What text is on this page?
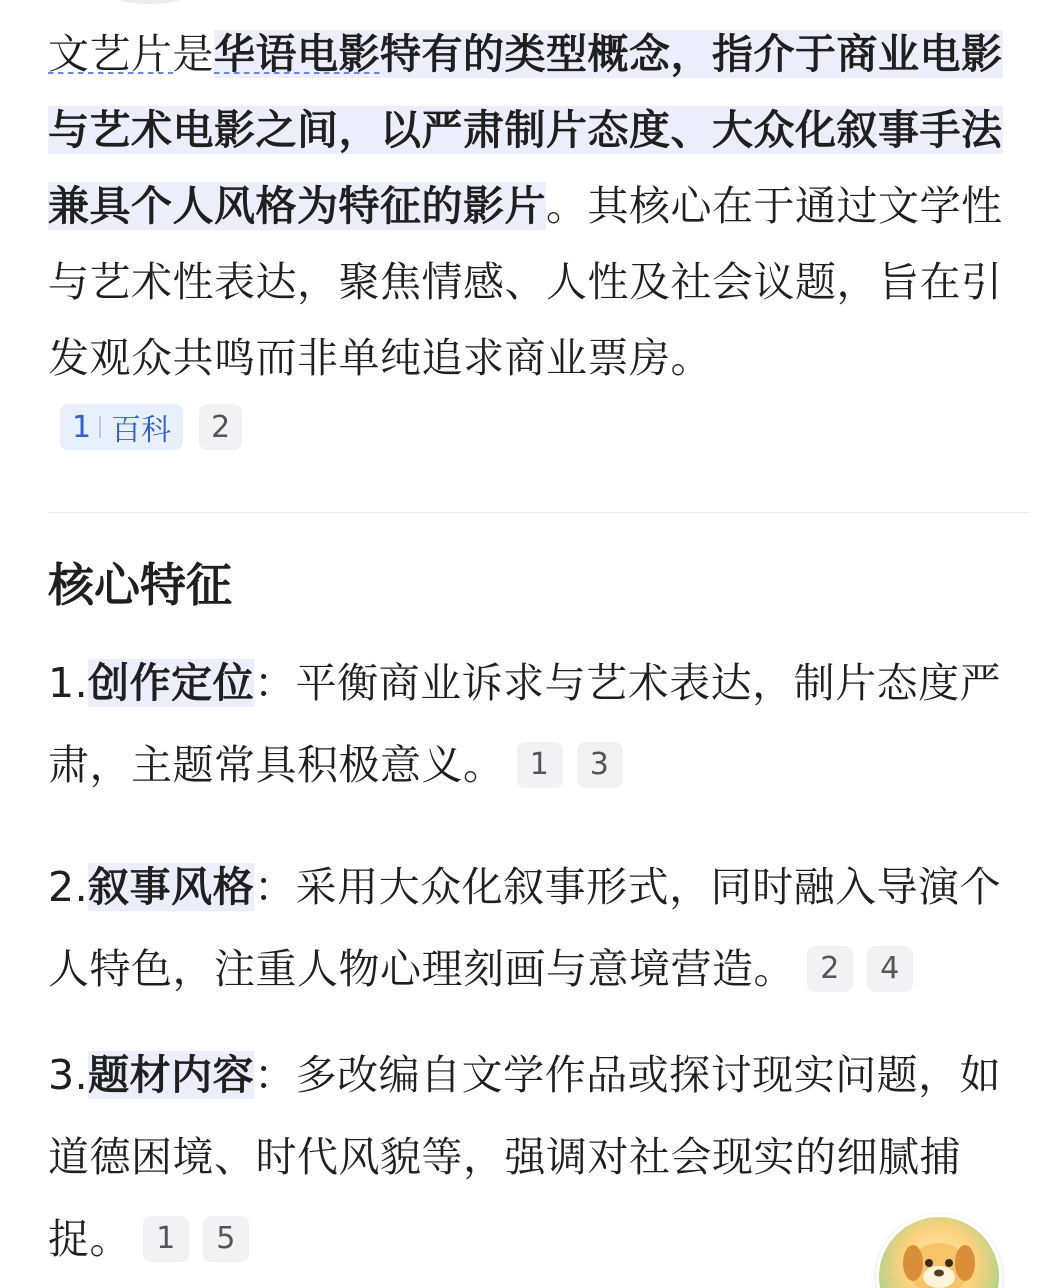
文艺片是华语电影特有的类型概念，指介于商业电影与艺术电影之间，以严肃制片态度、大众化叙事手法兼具个人风格为特征的影片。其核心在于通过文学性与艺术性表达，聚焦情感、人性及社会议题，旨在引发观众共鸣而非单纯追求商业票房。

1 百科	2
核心特征

1.创作定位：平衡商业诉求与艺术表达，制片态度严肃，主题常具积极意义。 1 3

2.叙事风格：采用大众化叙事形式，同时融入导演个人特色，注重人物心理刻画与意境营造。 2 4

3.题材内容：多改编自文学作品或探讨现实问题，如道德困境、时代风貌等，强调对社会现实的细腻捕捉。 1 5
